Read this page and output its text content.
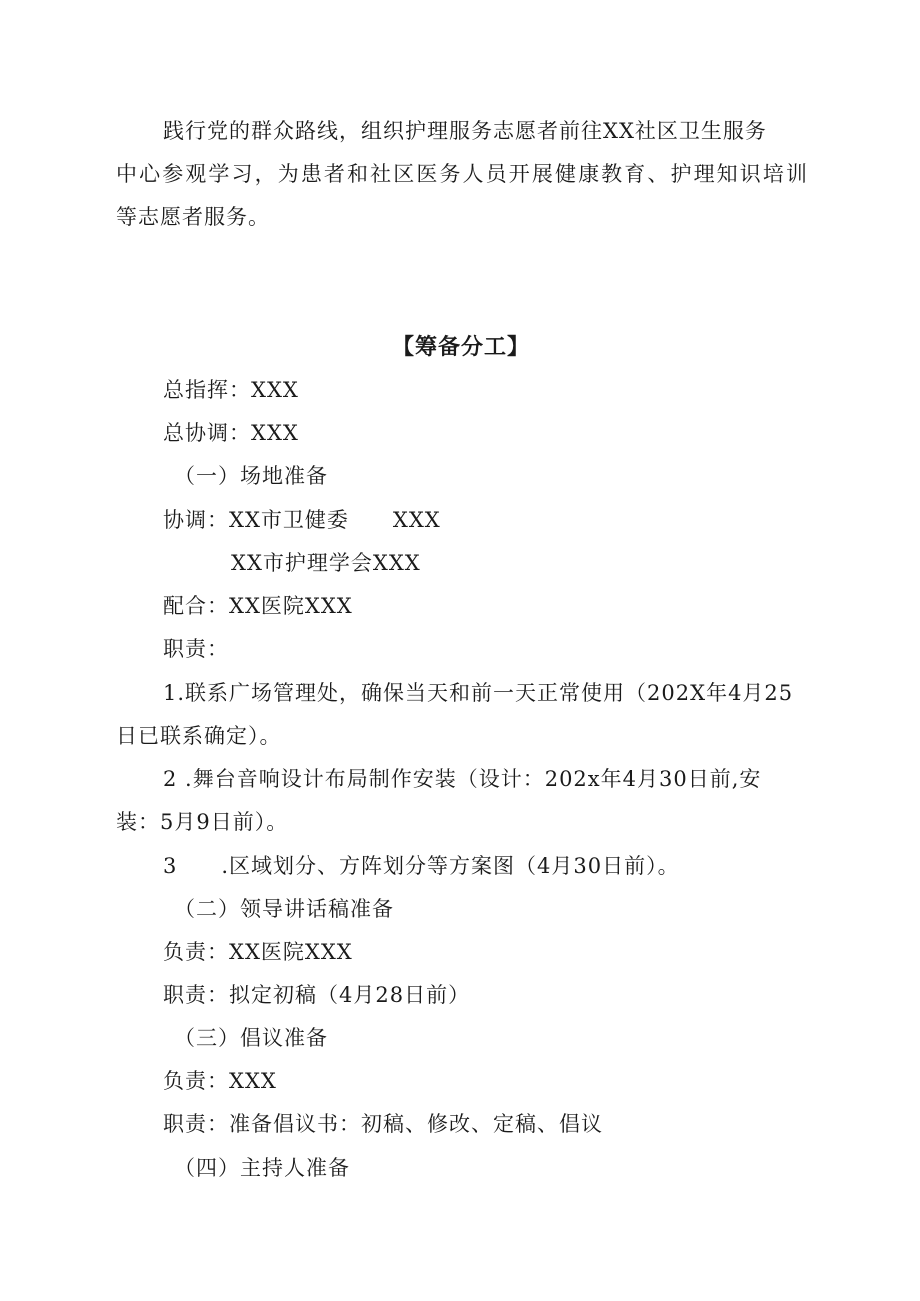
践行党的群众路线，组织护理服务志愿者前往XX社区卫生服务
中心参观学习，为患者和社区医务人员开展健康教育、护理知识培训
等志愿者服务。
【筹备分工】
总指挥：XXX
总协调：XXX
（一）场地准备
协调：XX市卫健委　　XXX
XX市护理学会XXX
配合：XX医院XXX
职责：
1.联系广场管理处，确保当天和前一天正常使用（202X年4月25
日已联系确定）。
2 .舞台音响设计布局制作安装（设计：202x年4月30日前,安
装：5月9日前）。
3　　.区域划分、方阵划分等方案图（4月30日前）。
（二）领导讲话稿准备
负责：XX医院XXX
职责：拟定初稿（4月28日前）
（三）倡议准备
负责：XXX
职责：准备倡议书：初稿、修改、定稿、倡议
（四）主持人准备
